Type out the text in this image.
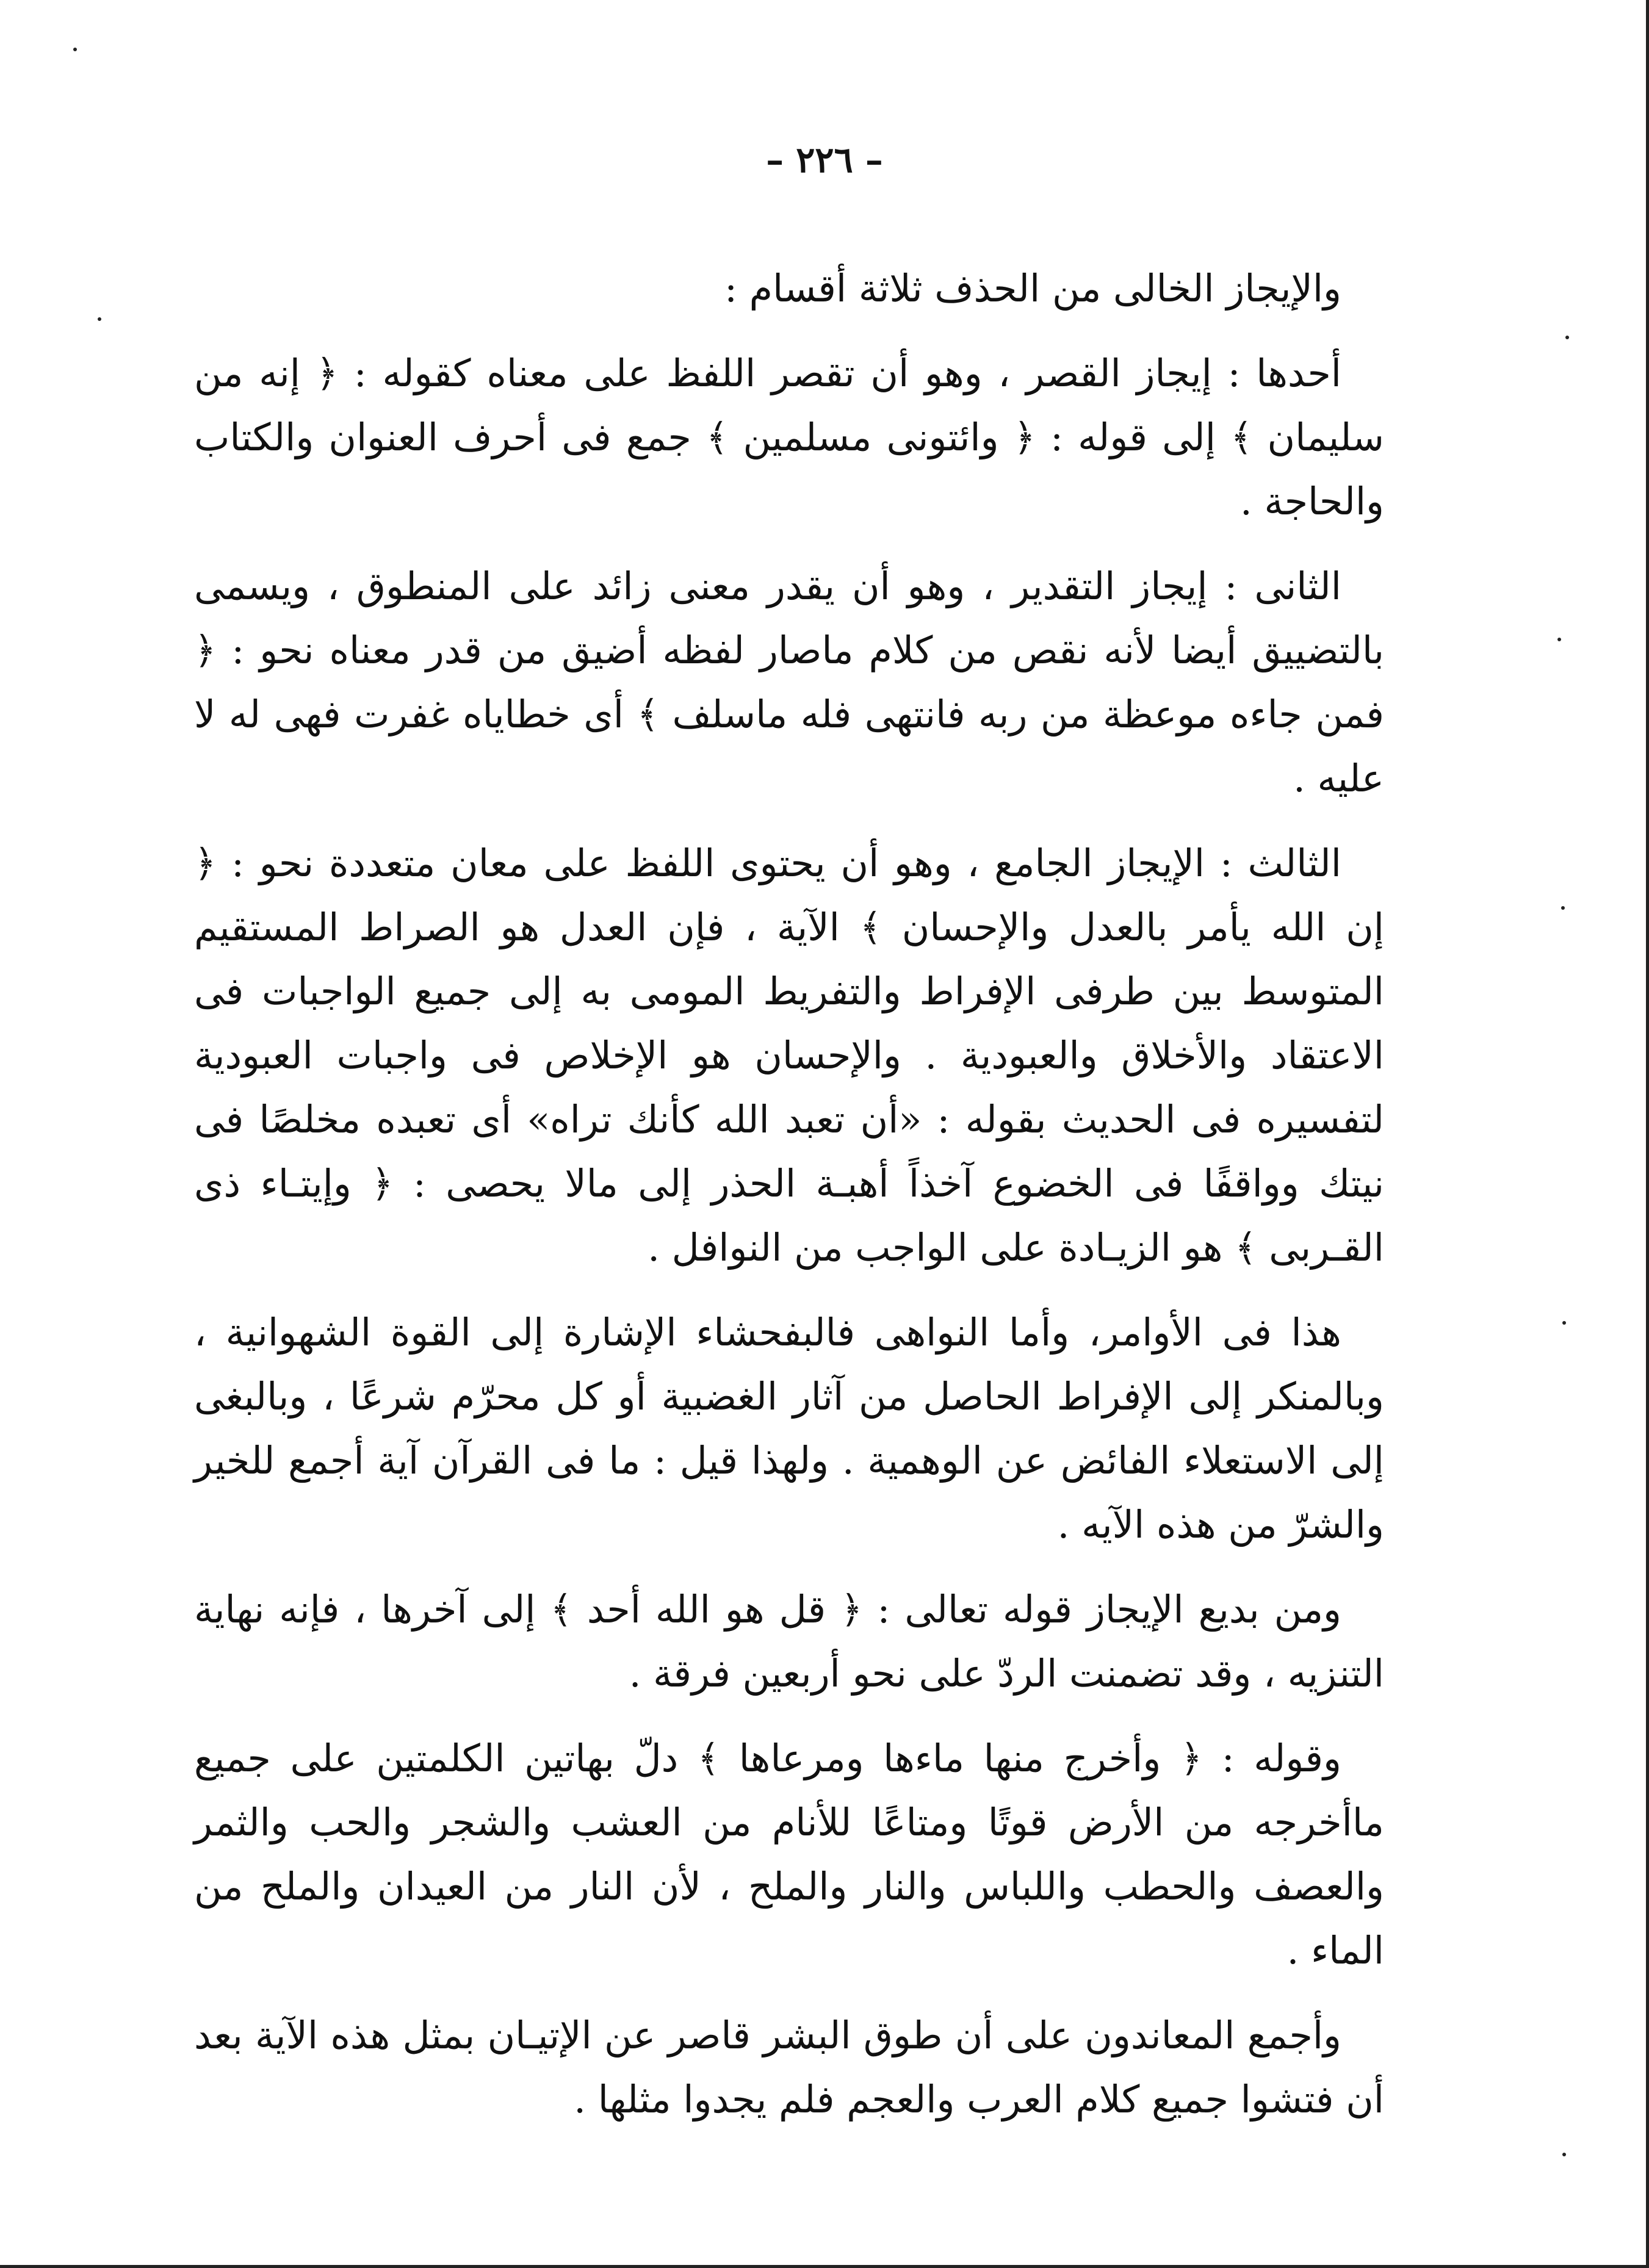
– ٢٢٦ –

والإيجاز الخالى من الحذف ثلاثة أقسام :

أحدها : إيجاز القصر ، وهو أن تقصر اللفظ على معناه كقوله : ﴿ إنه من سليمان ﴾ إلى قوله : ﴿ وائتونى مسلمين ﴾ جمع فى أحرف العنوان والكتاب والحاجة .

الثانى : إيجاز التقدير ، وهو أن يقدر معنى زائد على المنطوق ، ويسمى بالتضييق أيضا لأنه نقص من كلام ماصار لفظه أضيق من قدر معناه نحو : ﴿ فمن جاءه موعظة من ربه فانتهى فله ماسلف ﴾ أى خطاياه غفرت فهى له لا عليه .

الثالث : الإيجاز الجامع ، وهو أن يحتوى اللفظ على معان متعددة نحو : ﴿ إن الله يأمر بالعدل والإحسان ﴾ الآية ، فإن العدل هو الصراط المستقيم المتوسط بين طرفى الإفراط والتفريط المومى به إلى جميع الواجبات فى الاعتقاد والأخلاق والعبودية . والإحسان هو الإخلاص فى واجبات العبودية لتفسيره فى الحديث بقوله : «أن تعبد الله كأنك تراه» أى تعبده مخلصًا فى نيتك وواقفًا فى الخضوع آخذاً أهبـة الحذر إلى مالا يحصى : ﴿ وإيتـاء ذى القـربى ﴾ هو الزيـادة على الواجب من النوافل .

هذا فى الأوامر، وأما النواهى فالبفحشاء الإشارة إلى القوة الشهوانية ، وبالمنكر إلى الإفراط الحاصل من آثار الغضبية أو كل محرّم شرعًا ، وبالبغى إلى الاستعلاء الفائض عن الوهمية . ولهذا قيل : ما فى القرآن آية أجمع للخير والشرّ من هذه الآيه .

ومن بديع الإيجاز قوله تعالى : ﴿ قل هو الله أحد ﴾ إلى آخرها ، فإنه نهاية التنزيه ، وقد تضمنت الردّ على نحو أربعين فرقة .

وقوله : ﴿ وأخرج منها ماءها ومرعاها ﴾ دلّ بهاتين الكلمتين على جميع ماأخرجه من الأرض قوتًا ومتاعًا للأنام من العشب والشجر والحب والثمر والعصف والحطب واللباس والنار والملح ، لأن النار من العيدان والملح من الماء .

وأجمع المعاندون على أن طوق البشر قاصر عن الإتيـان بمثل هذه الآية بعد أن فتشوا جميع كلام العرب والعجم فلم يجدوا مثلها .
